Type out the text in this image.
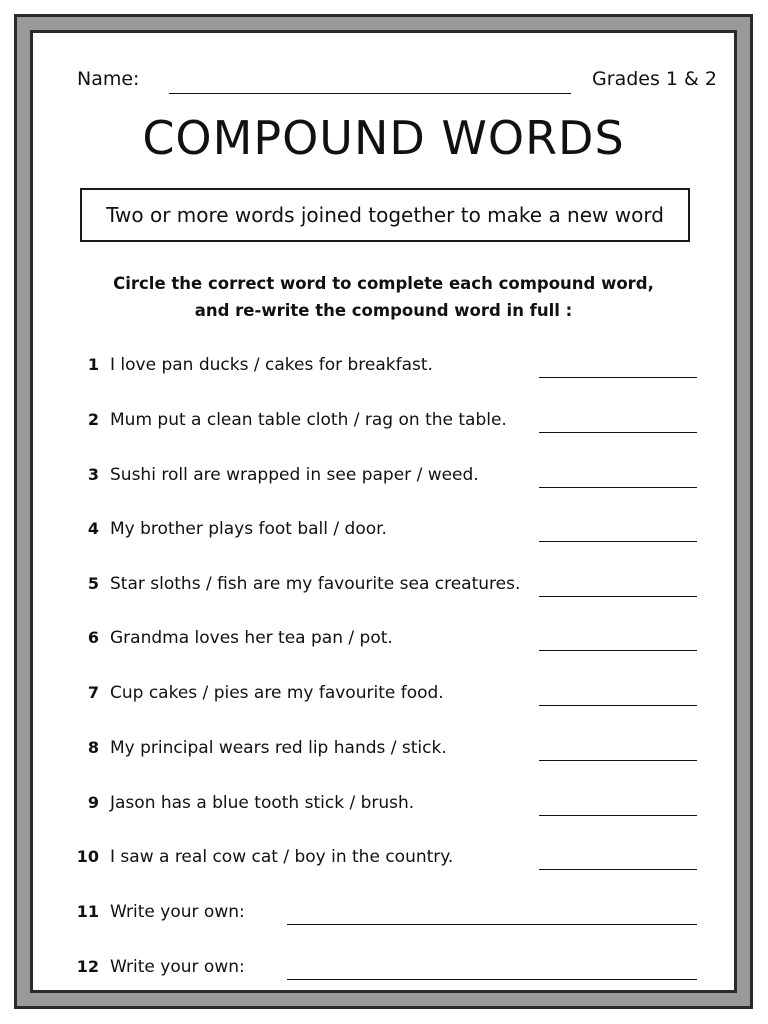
Name:	Grades 1 & 2
COMPOUND WORDS
Two or more words joined together to make a new word
Circle the correct word to complete each compound word,
and re-write the compound word in full :
1 I love pan ducks / cakes for breakfast.
2 Mum put a clean table cloth / rag on the table.
3 Sushi roll are wrapped in see paper / weed.
4 My brother plays foot ball / door.
5 Star sloths / fish are my favourite sea creatures.
6 Grandma loves her tea pan / pot.
7 Cup cakes / pies are my favourite food.
8 My principal wears red lip hands / stick.
9 Jason has a blue tooth stick / brush.
10 I saw a real cow cat / boy in the country.
11 Write your own:
12 Write your own:
